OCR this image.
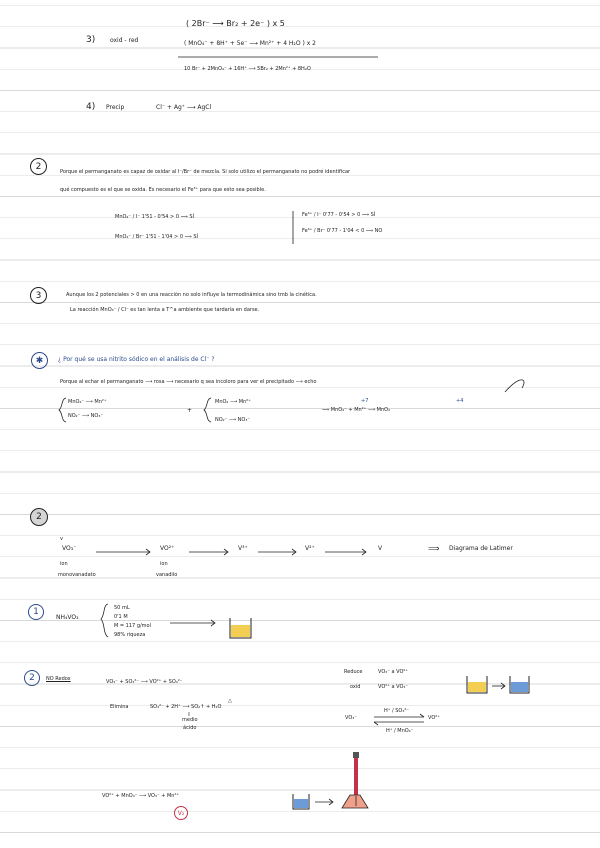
3) oxid - red
( 2Br⁻ ⟶ Br₂ + 2e⁻ ) x 5
( MnO₄⁻ + 8H⁺ + 5e⁻ ⟶ Mn²⁺ + 4 H₂O ) x 2
10 Br⁻ + 2MnO₄⁻ + 16H⁺ ⟶ 5Br₂ + 2Mn²⁺ + 8H₂O
4) Precip	Cl⁻ + Ag⁺ ⟶ AgCl
2
Porque el permanganato es capaz de oxidar al I⁻/Br⁻ de mezcla. Si solo utilizo el permanganato no podré identificar
qué compuesto es el que se oxida. Es necesario el Fe³⁺ para que esto sea posible.
MnO₄⁻ / I⁻ 1'51 - 0'54 > 0 ⟹ SÍ
MnO₄⁻ / Br⁻ 1'51 - 1'04 > 0 ⟹ SÍ
Fe³⁺ / I⁻ 0'77 - 0'54 > 0 ⟹ SÍ
Fe³⁺ / Br⁻ 0'77 - 1'04 < 0 ⟹ NO
3	Aunque los 2 potenciales > 0 en una reacción no solo influye la termodinámica sino tmb la cinética.
La reacción MnO₄⁻ / Cl⁻ es tan lenta a T^a ambiente que tardaría en darse.
✱	¿ Por qué se usa nitrito sódico en el análisis de Cl⁻ ?
Porque al echar el permanganato ⟶ rosa ⟶ necesario q sea incoloro para ver el precipitado ⟶ echo
MnO₄⁻ ⟶ Mn²⁺
NO₂⁻ ⟶ NO₃⁻
+
MnO₂ ⟶ Mn²⁺
NO₂⁻ ⟶ NO₃⁻
+7	+4
⟹ MnO₄⁻ + Mn²⁺ ⟶ MnO₂
2
v
VO₃⁻	VO²⁺	V³⁺	V²⁺	V	⟹ Diagrama de Latimer
ion
monovanadato
ion
vanadilo
1
NH₄VO₃
50 mL
0'1 M
M = 117 g/mol
98% riqueza
2	NO Redox	VO₃⁻ + SO₃²⁻ ⟶ VO²⁺ + SO₄²⁻
Reduce	VO₃⁻ a VO²⁺
oxid	VO²⁺ a VO₃⁻
Elimina	SO₃²⁻ + 2H⁺ ⟶ SO₂↑ + H₂O
△
medio
ácido
VO₃⁻
H⁺ / SO₃²⁻
H⁺ / MnO₄⁻
VO²⁺
VO²⁺ + MnO₄⁻ ⟶ VO₃⁻ + Mn²⁺
V₂
